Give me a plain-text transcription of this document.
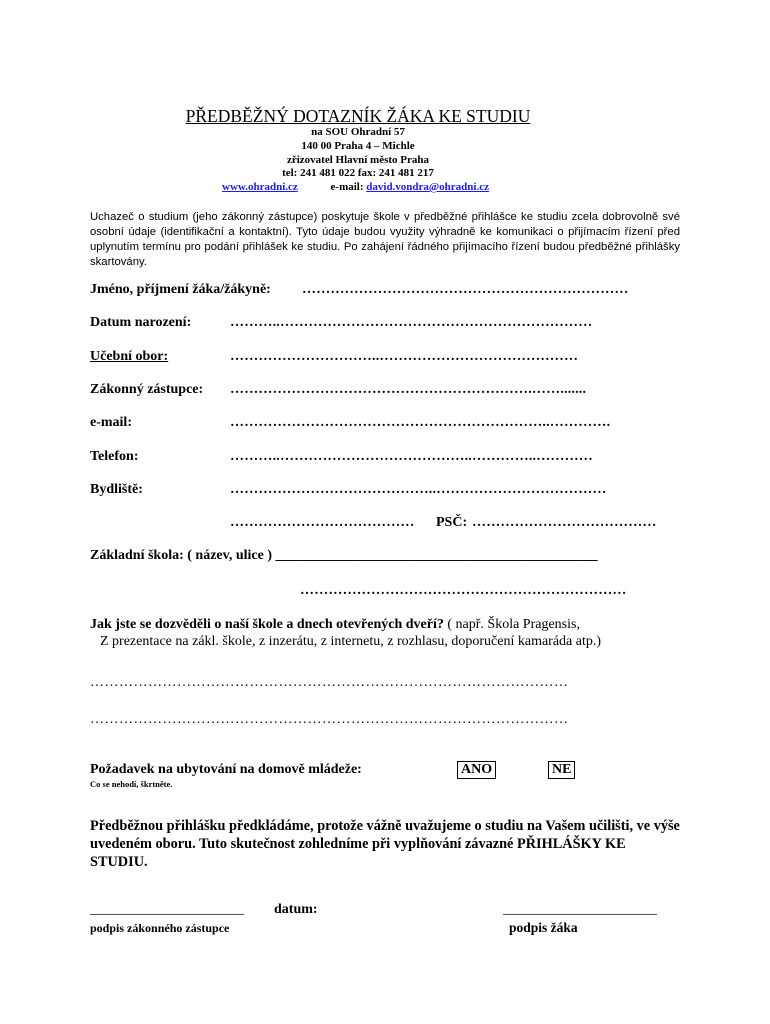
PŘEDBĚŽNÝ DOTAZNÍK ŽÁKA KE STUDIU
na SOU Ohradní 57
140 00 Praha 4 – Michle
zřizovatel Hlavní město Praha
tel: 241 481 022 fax: 241 481 217
www.ohradni.cz	e-mail: david.vondra@ohradni.cz
Uchazeč o studium (jeho zákonný zástupce) poskytuje škole v předběžné přihlášce ke studiu zcela dobrovolně své osobní údaje (identifikační a kontaktní). Tyto údaje budou využity výhradně ke komunikaci o přijímacím řízení před uplynutím termínu pro podání přihlášek ke studiu. Po zahájení řádného přijímacího řízení budou předběžné přihlášky skartovány.
Jméno, příjmení žáka/žákyně: ……………………………………………………………
Datum narození:	………..…………………………………………………………
Učební obor:	…………………………..……………………………………
Zákonný zástupce: ……………………………………………………….…….......
e-mail:	…………………………………………………………..………….
Telefon:	………..…………………………………..…………..…………
Bydliště:	……………………………………..………………………………
………………………………… PSČ: …………………………………
Základní škola: ( název, ulice ) ______________________________________________
……………………………………………………………
Jak jste se dozvěděli o naší škole a dnech otevřených dveří? ( např. Škola Pragensis,
Z prezentace na zákl. škole, z inzerátu, z internetu, z rozhlasu, doporučení kamaráda atp.)
………………………………………………………………………………………
………………………………………………………………………………………
Požadavek na ubytování na domově mládeže:	ANO	NE
Co se nehodí, škrtněte.
Předběžnou přihlášku předkládáme, protože vážně uvažujeme o studiu na Vašem učilišti, ve výše uvedeném oboru. Tuto skutečnost zohledníme při vyplňování závazné PŘIHLÁŠKY KE STUDIU.
______________________ datum:	______________________
podpis zákonného zástupce	podpis žáka
